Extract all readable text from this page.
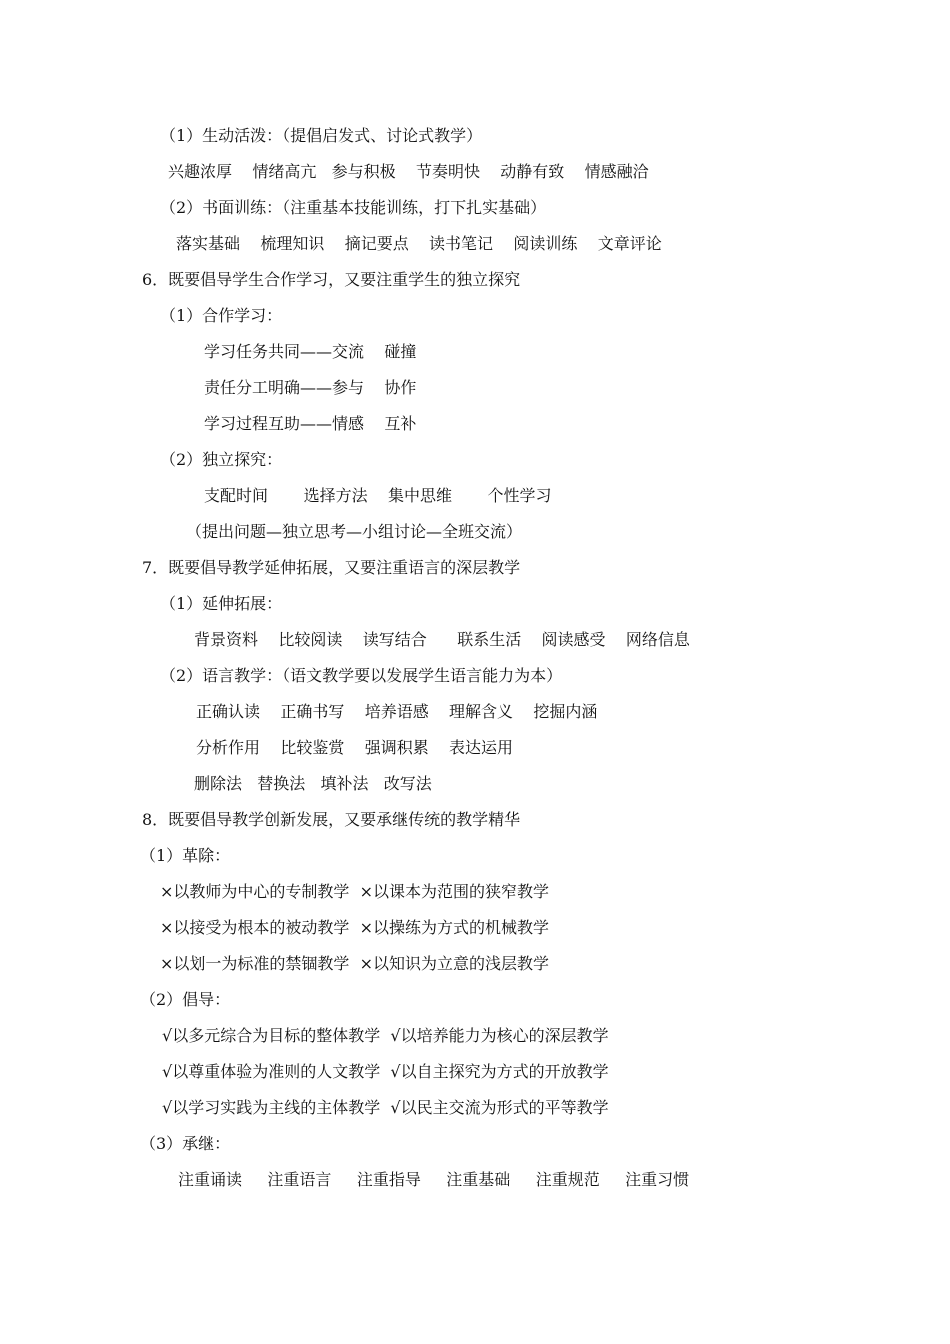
（1）生动活泼：（提倡启发式、讨论式教学）
兴趣浓厚    情绪高亢   参与积极    节奏明快    动静有致    情感融洽
（2）书面训练：（注重基本技能训练，打下扎实基础）
落实基础    梳理知识    摘记要点    读书笔记    阅读训练    文章评论
6．既要倡导学生合作学习，又要注重学生的独立探究
（1）合作学习：
学习任务共同——交流    碰撞
责任分工明确——参与    协作
学习过程互助——情感    互补
（2）独立探究：
支配时间       选择方法    集中思维       个性学习
（提出问题—独立思考—小组讨论—全班交流）
7．既要倡导教学延伸拓展，又要注重语言的深层教学
（1）延伸拓展：
背景资料    比较阅读    读写结合      联系生活    阅读感受    网络信息
（2）语言教学：（语文教学要以发展学生语言能力为本）
正确认读    正确书写    培养语感    理解含义    挖掘内涵
分析作用    比较鉴赏    强调积累    表达运用
删除法   替换法   填补法   改写法
8．既要倡导教学创新发展，又要承继传统的教学精华
（1）革除：
×以教师为中心的专制教学  ×以课本为范围的狭窄教学
×以接受为根本的被动教学  ×以操练为方式的机械教学
×以划一为标准的禁锢教学  ×以知识为立意的浅层教学
（2）倡导：
√以多元综合为目标的整体教学  √以培养能力为核心的深层教学
√以尊重体验为准则的人文教学  √以自主探究为方式的开放教学
√以学习实践为主线的主体教学  √以民主交流为形式的平等教学
（3）承继：
注重诵读     注重语言     注重指导     注重基础     注重规范     注重习惯
